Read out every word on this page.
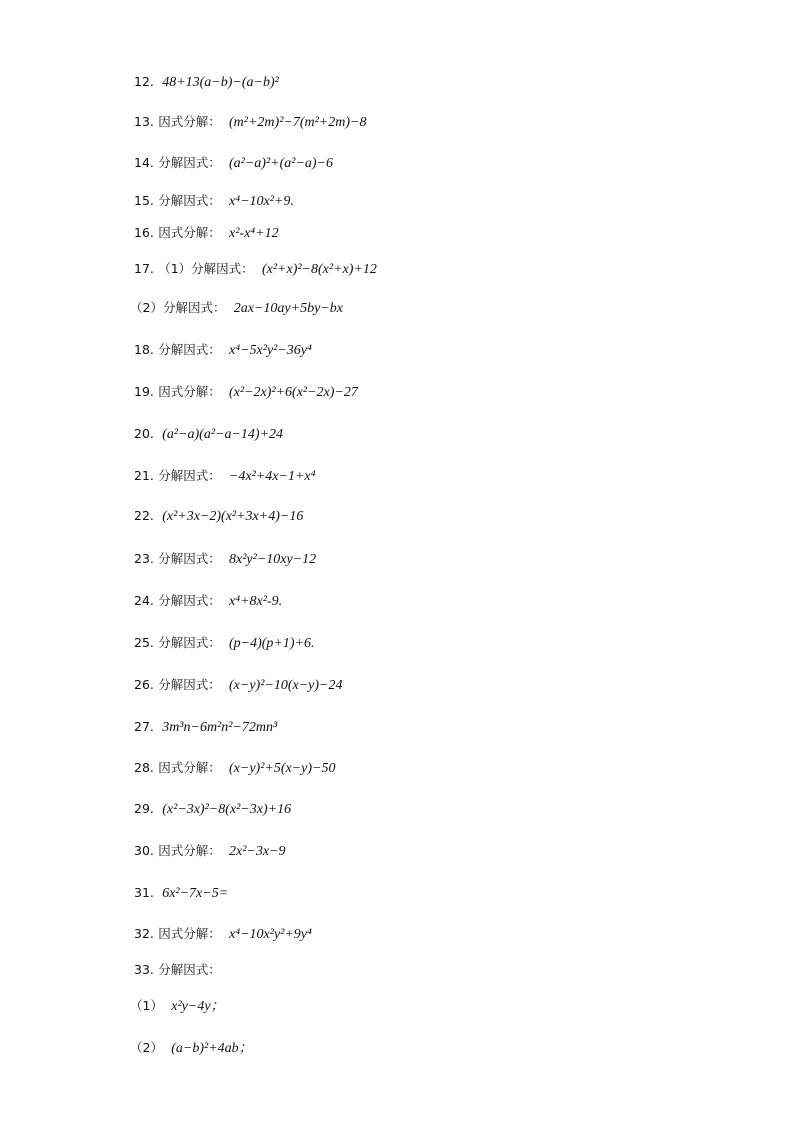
12. 48+13(a−b)−(a−b)²
13. 因式分解： (m²+2m)²−7(m²+2m)−8
14. 分解因式： (a²−a)²+(a²−a)−6
15. 分解因式： x⁴−10x²+9.
16. 因式分解： x²-x⁴+12
17. （1）分解因式： (x²+x)²−8(x²+x)+12
（2）分解因式： 2ax−10ay+5by−bx
18. 分解因式： x⁴−5x²y²−36y⁴
19. 因式分解： (x²−2x)²+6(x²−2x)−27
20. (a²−a)(a²−a−14)+24
21. 分解因式： −4x²+4x−1+x⁴
22. (x²+3x−2)(x²+3x+4)−16
23. 分解因式： 8x²y²−10xy−12
24. 分解因式： x⁴+8x²-9.
25. 分解因式： (p−4)(p+1)+6.
26. 分解因式： (x−y)²−10(x−y)−24
27. 3m³n−6m²n²−72mn³
28. 因式分解： (x−y)²+5(x−y)−50
29. (x²−3x)²−8(x²−3x)+16
30. 因式分解： 2x²−3x−9
31. 6x²−7x−5=
32. 因式分解： x⁴−10x²y²+9y⁴
33. 分解因式：
（1） x²y−4y；
（2） (a−b)²+4ab；
